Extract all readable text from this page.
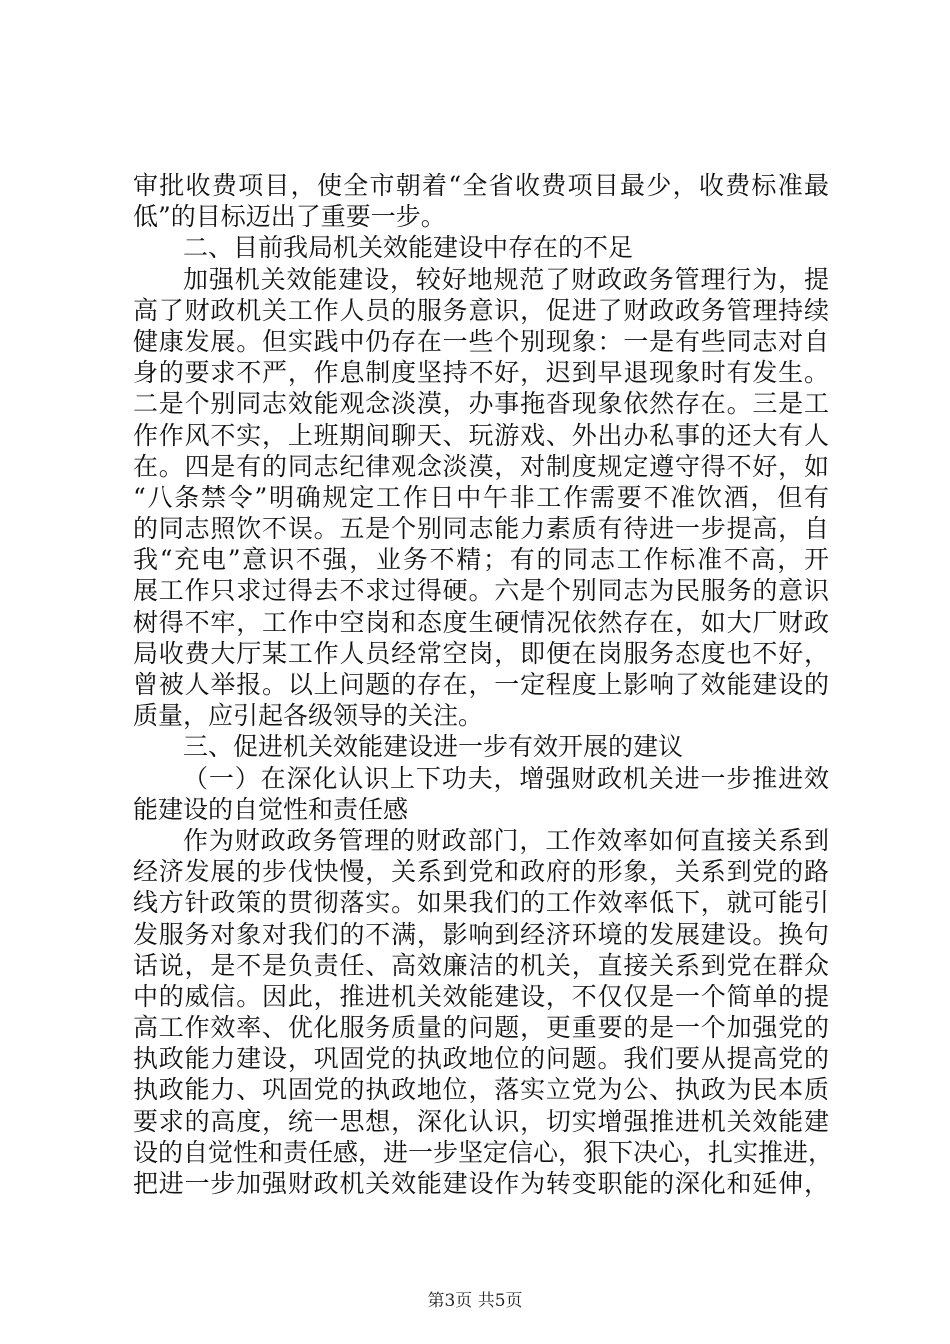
审批收费项目，使全市朝着“全省收费项目最少，收费标准最
低”的目标迈出了重要一步。
二、目前我局机关效能建设中存在的不足
加强机关效能建设，较好地规范了财政政务管理行为，提
高了财政机关工作人员的服务意识，促进了财政政务管理持续
健康发展。但实践中仍存在一些个别现象：一是有些同志对自
身的要求不严，作息制度坚持不好，迟到早退现象时有发生。
二是个别同志效能观念淡漠，办事拖沓现象依然存在。三是工
作作风不实，上班期间聊天、玩游戏、外出办私事的还大有人
在。四是有的同志纪律观念淡漠，对制度规定遵守得不好，如
“八条禁令”明确规定工作日中午非工作需要不准饮酒，但有
的同志照饮不误。五是个别同志能力素质有待进一步提高，自
我“充电”意识不强，业务不精；有的同志工作标准不高，开
展工作只求过得去不求过得硬。六是个别同志为民服务的意识
树得不牢，工作中空岗和态度生硬情况依然存在，如大厂财政
局收费大厅某工作人员经常空岗，即便在岗服务态度也不好，
曾被人举报。以上问题的存在，一定程度上影响了效能建设的
质量，应引起各级领导的关注。
三、促进机关效能建设进一步有效开展的建议
（一）在深化认识上下功夫，增强财政机关进一步推进效
能建设的自觉性和责任感
作为财政政务管理的财政部门，工作效率如何直接关系到
经济发展的步伐快慢，关系到党和政府的形象，关系到党的路
线方针政策的贯彻落实。如果我们的工作效率低下，就可能引
发服务对象对我们的不满，影响到经济环境的发展建设。换句
话说，是不是负责任、高效廉洁的机关，直接关系到党在群众
中的威信。因此，推进机关效能建设，不仅仅是一个简单的提
高工作效率、优化服务质量的问题，更重要的是一个加强党的
执政能力建设，巩固党的执政地位的问题。我们要从提高党的
执政能力、巩固党的执政地位，落实立党为公、执政为民本质
要求的高度，统一思想，深化认识，切实增强推进机关效能建
设的自觉性和责任感，进一步坚定信心，狠下决心，扎实推进，
把进一步加强财政机关效能建设作为转变职能的深化和延伸，
第3页 共5页
